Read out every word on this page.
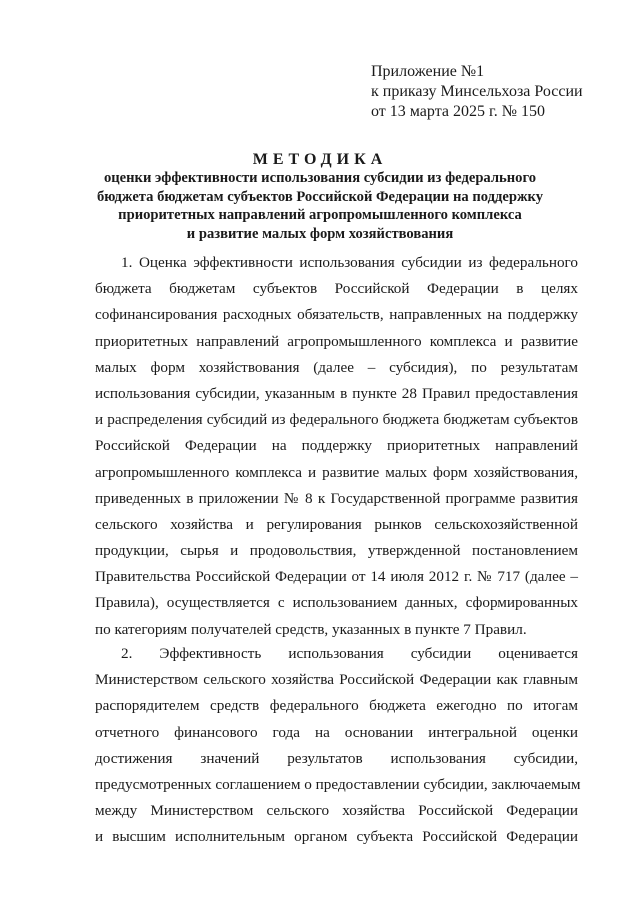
Приложение №1
к приказу Минсельхоза России
от 13 марта 2025 г. № 150
МЕТОДИКА
оценки эффективности использования субсидии из федерального
бюджета бюджетам субъектов Российской Федерации на поддержку
приоритетных направлений агропромышленного комплекса
и развитие малых форм хозяйствования
1. Оценка эффективности использования субсидии из федерального
бюджета бюджетам субъектов Российской Федерации в целях
софинансирования расходных обязательств, направленных на поддержку
приоритетных направлений агропромышленного комплекса и развитие
малых форм хозяйствования (далее – субсидия), по результатам
использования субсидии, указанным в пункте 28 Правил предоставления
и распределения субсидий из федерального бюджета бюджетам субъектов
Российской Федерации на поддержку приоритетных направлений
агропромышленного комплекса и развитие малых форм хозяйствования,
приведенных в приложении № 8 к Государственной программе развития
сельского хозяйства и регулирования рынков сельскохозяйственной
продукции, сырья и продовольствия, утвержденной постановлением
Правительства Российской Федерации от 14 июля 2012 г. № 717 (далее –
Правила), осуществляется с использованием данных, сформированных
по категориям получателей средств, указанных в пункте 7 Правил.
2. Эффективность использования субсидии оценивается
Министерством сельского хозяйства Российской Федерации как главным
распорядителем средств федерального бюджета ежегодно по итогам
отчетного финансового года на основании интегральной оценки
достижения значений результатов использования субсидии,
предусмотренных соглашением о предоставлении субсидии, заключаемым
между Министерством сельского хозяйства Российской Федерации
и высшим исполнительным органом субъекта Российской Федерации
